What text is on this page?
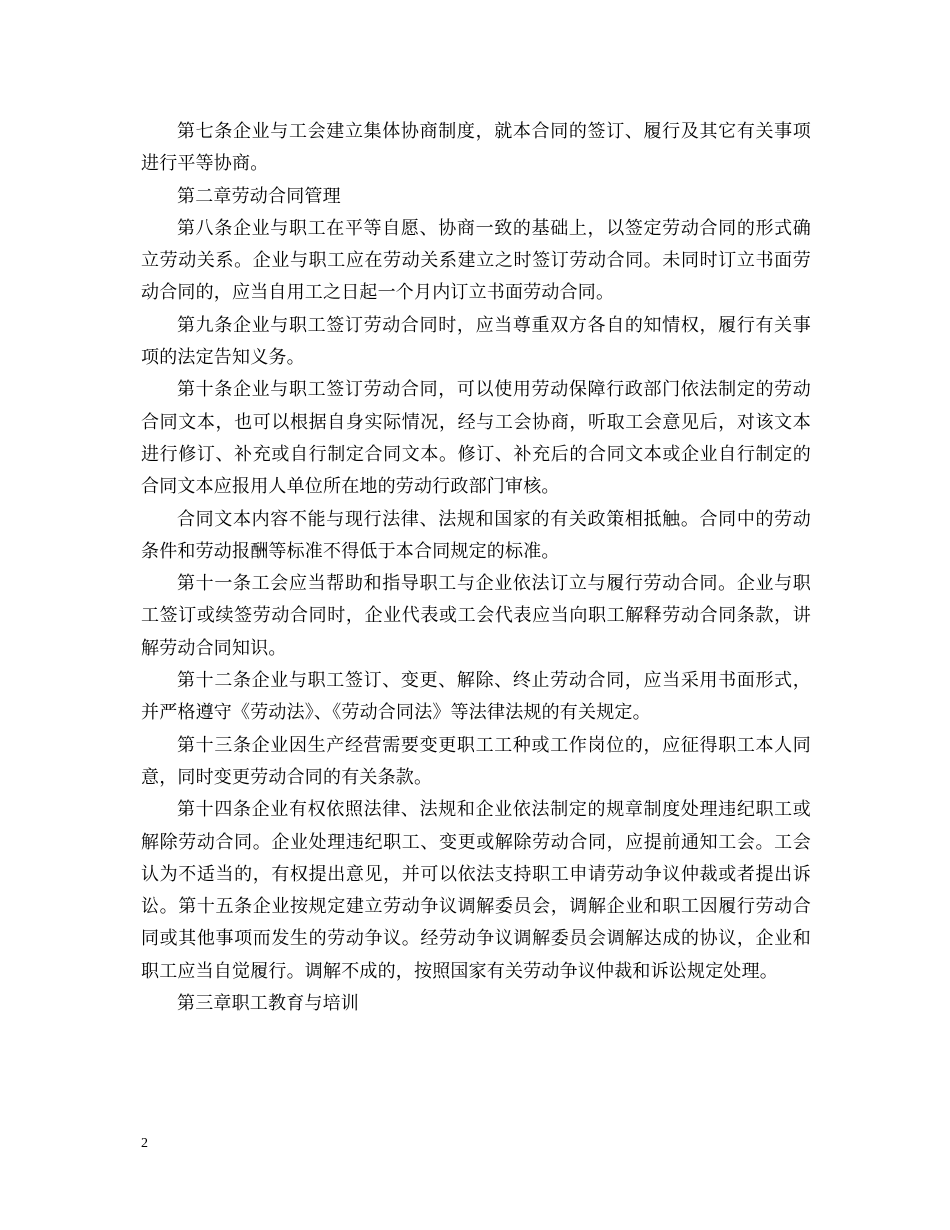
第七条企业与工会建立集体协商制度，就本合同的签订、履行及其它有关事项进行平等协商。

第二章劳动合同管理

第八条企业与职工在平等自愿、协商一致的基础上，以签定劳动合同的形式确立劳动关系。企业与职工应在劳动关系建立之时签订劳动合同。未同时订立书面劳动合同的，应当自用工之日起一个月内订立书面劳动合同。

第九条企业与职工签订劳动合同时，应当尊重双方各自的知情权，履行有关事项的法定告知义务。

第十条企业与职工签订劳动合同，可以使用劳动保障行政部门依法制定的劳动合同文本，也可以根据自身实际情况，经与工会协商，听取工会意见后，对该文本进行修订、补充或自行制定合同文本。修订、补充后的合同文本或企业自行制定的合同文本应报用人单位所在地的劳动行政部门审核。

合同文本内容不能与现行法律、法规和国家的有关政策相抵触。合同中的劳动条件和劳动报酬等标准不得低于本合同规定的标准。

第十一条工会应当帮助和指导职工与企业依法订立与履行劳动合同。企业与职工签订或续签劳动合同时，企业代表或工会代表应当向职工解释劳动合同条款，讲解劳动合同知识。

第十二条企业与职工签订、变更、解除、终止劳动合同，应当采用书面形式，并严格遵守《劳动法》、《劳动合同法》等法律法规的有关规定。

第十三条企业因生产经营需要变更职工工种或工作岗位的，应征得职工本人同意，同时变更劳动合同的有关条款。

第十四条企业有权依照法律、法规和企业依法制定的规章制度处理违纪职工或解除劳动合同。企业处理违纪职工、变更或解除劳动合同，应提前通知工会。工会认为不适当的，有权提出意见，并可以依法支持职工申请劳动争议仲裁或者提出诉讼。第十五条企业按规定建立劳动争议调解委员会，调解企业和职工因履行劳动合同或其他事项而发生的劳动争议。经劳动争议调解委员会调解达成的协议，企业和职工应当自觉履行。调解不成的，按照国家有关劳动争议仲裁和诉讼规定处理。

第三章职工教育与培训

2
